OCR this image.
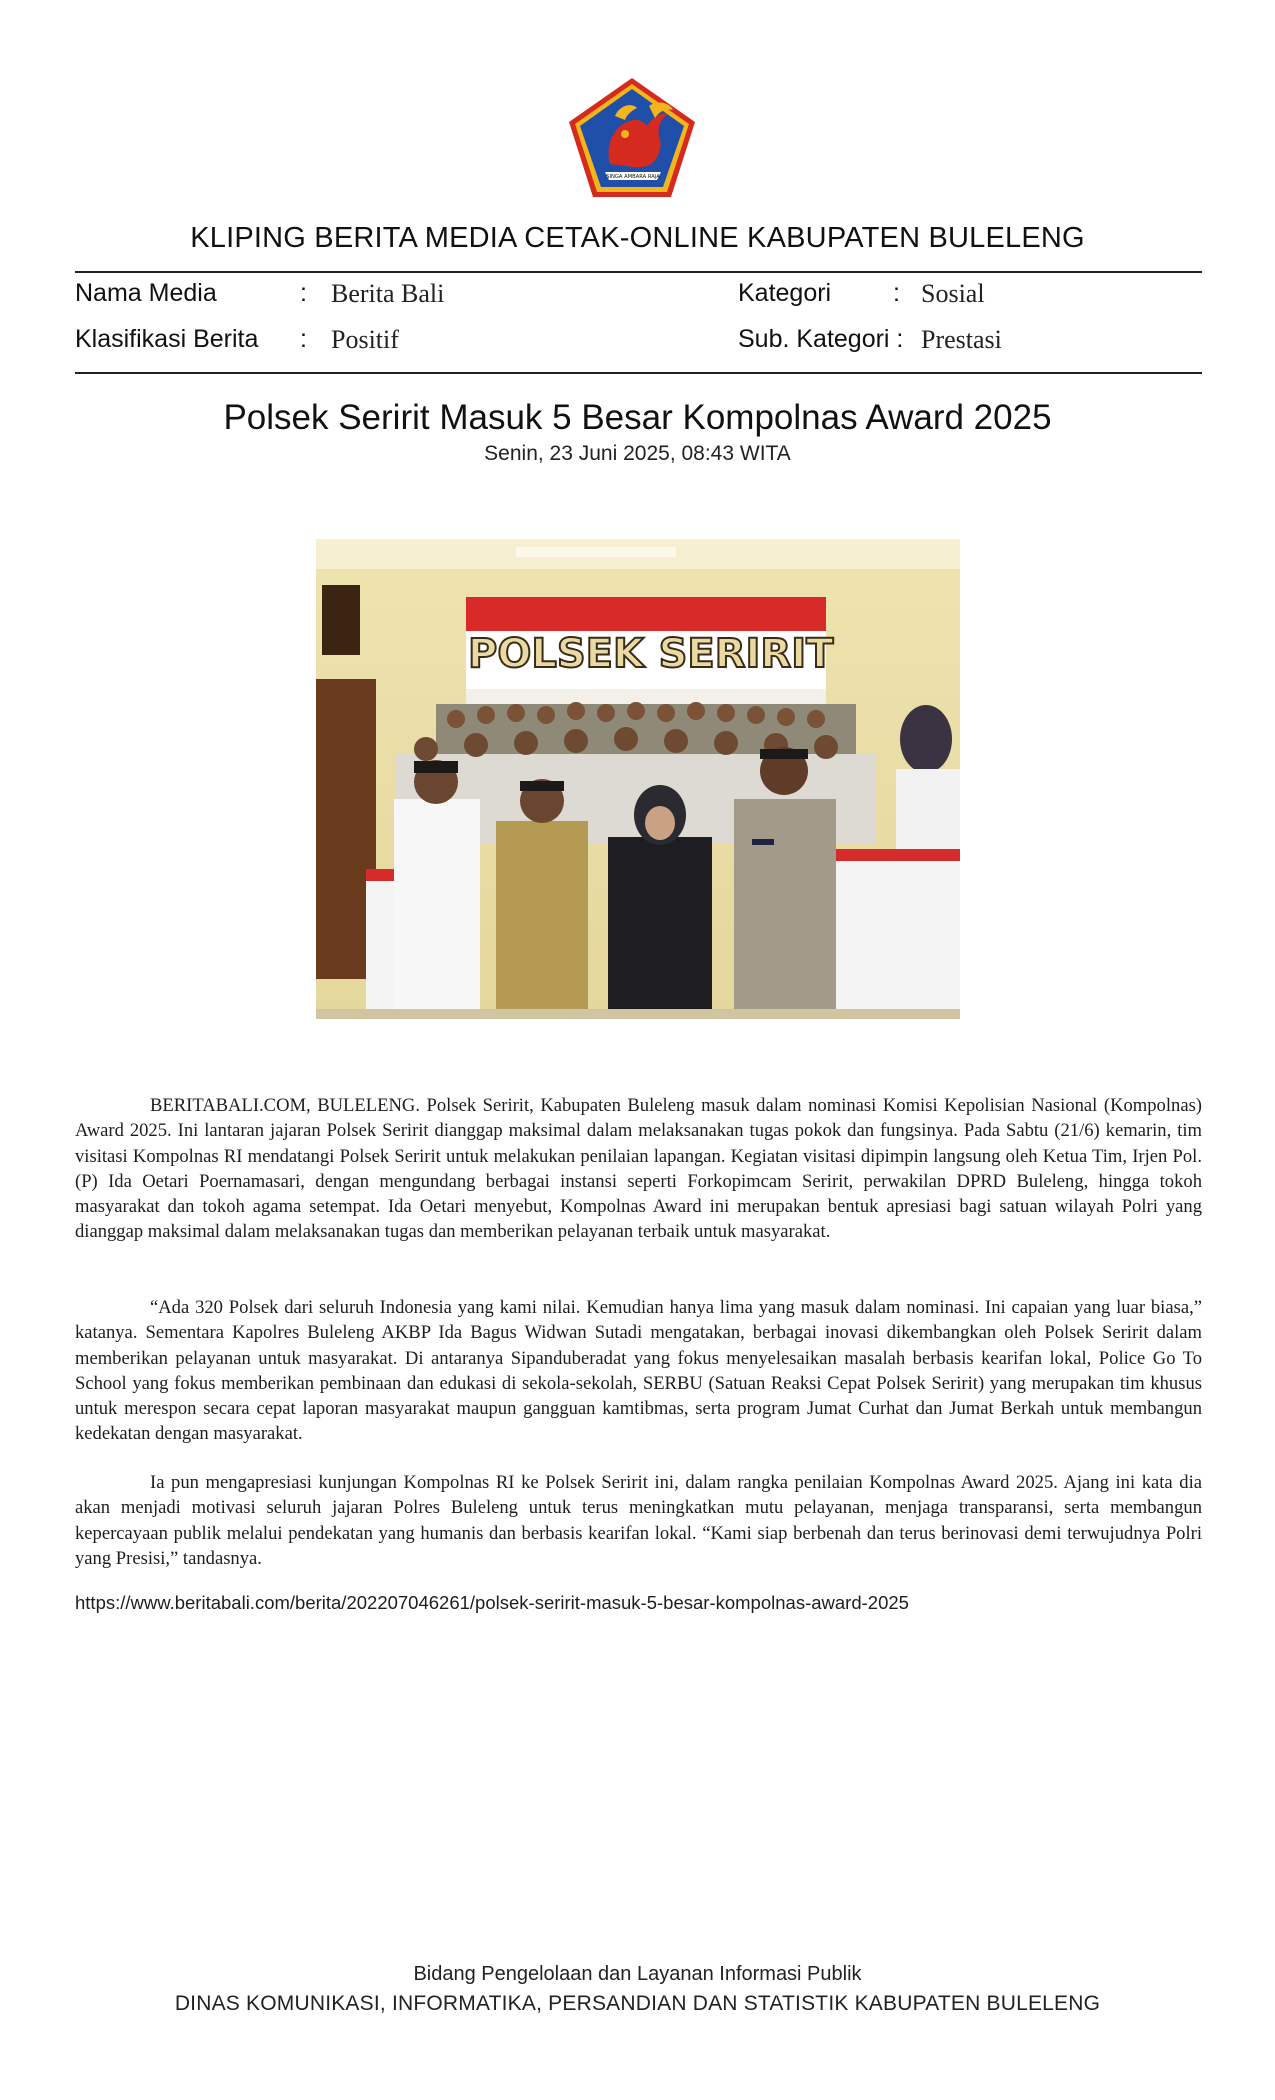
SINGA AMBARA RAJA
KLIPING BERITA MEDIA CETAK-ONLINE KABUPATEN BULELENG
Nama Media	: Berita Bali
Klasifikasi Berita : Positif
Kategori : Sosial
Sub. Kategori : Prestasi
Polsek Seririt Masuk 5 Besar Kompolnas Award 2025
Senin, 23 Juni 2025, 08:43 WITA
POLSEK SERIRIT

BERITABALI.COM, BULELENG. Polsek Seririt, Kabupaten Buleleng masuk dalam nominasi Komisi Kepolisian Nasional (Kompolnas) Award 2025. Ini lantaran jajaran Polsek Seririt dianggap maksimal dalam melaksanakan tugas pokok dan fungsinya. Pada Sabtu (21/6) kemarin, tim visitasi Kompolnas RI mendatangi Polsek Seririt untuk melakukan penilaian lapangan. Kegiatan visitasi dipimpin langsung oleh Ketua Tim, Irjen Pol. (P) Ida Oetari Poernamasari, dengan mengundang berbagai instansi seperti Forkopimcam Seririt, perwakilan DPRD Buleleng, hingga tokoh masyarakat dan tokoh agama setempat. Ida Oetari menyebut, Kompolnas Award ini merupakan bentuk apresiasi bagi satuan wilayah Polri yang dianggap maksimal dalam melaksanakan tugas dan memberikan pelayanan terbaik untuk masyarakat.

“Ada 320 Polsek dari seluruh Indonesia yang kami nilai. Kemudian hanya lima yang masuk dalam nominasi. Ini capaian yang luar biasa,” katanya. Sementara Kapolres Buleleng AKBP Ida Bagus Widwan Sutadi mengatakan, berbagai inovasi dikembangkan oleh Polsek Seririt dalam memberikan pelayanan untuk masyarakat. Di antaranya Sipanduberadat yang fokus menyelesaikan masalah berbasis kearifan lokal, Police Go To School yang fokus memberikan pembinaan dan edukasi di sekola-sekolah, SERBU (Satuan Reaksi Cepat Polsek Seririt) yang merupakan tim khusus untuk merespon secara cepat laporan masyarakat maupun gangguan kamtibmas, serta program Jumat Curhat dan Jumat Berkah untuk membangun kedekatan dengan masyarakat.

Ia pun mengapresiasi kunjungan Kompolnas RI ke Polsek Seririt ini, dalam rangka penilaian Kompolnas Award 2025. Ajang ini kata dia akan menjadi motivasi seluruh jajaran Polres Buleleng untuk terus meningkatkan mutu pelayanan, menjaga transparansi, serta membangun kepercayaan publik melalui pendekatan yang humanis dan berbasis kearifan lokal. “Kami siap berbenah dan terus berinovasi demi terwujudnya Polri yang Presisi,” tandasnya.

https://www.beritabali.com/berita/202207046261/polsek-seririt-masuk-5-besar-kompolnas-award-2025
Bidang Pengelolaan dan Layanan Informasi Publik
DINAS KOMUNIKASI, INFORMATIKA, PERSANDIAN DAN STATISTIK KABUPATEN BULELENG
